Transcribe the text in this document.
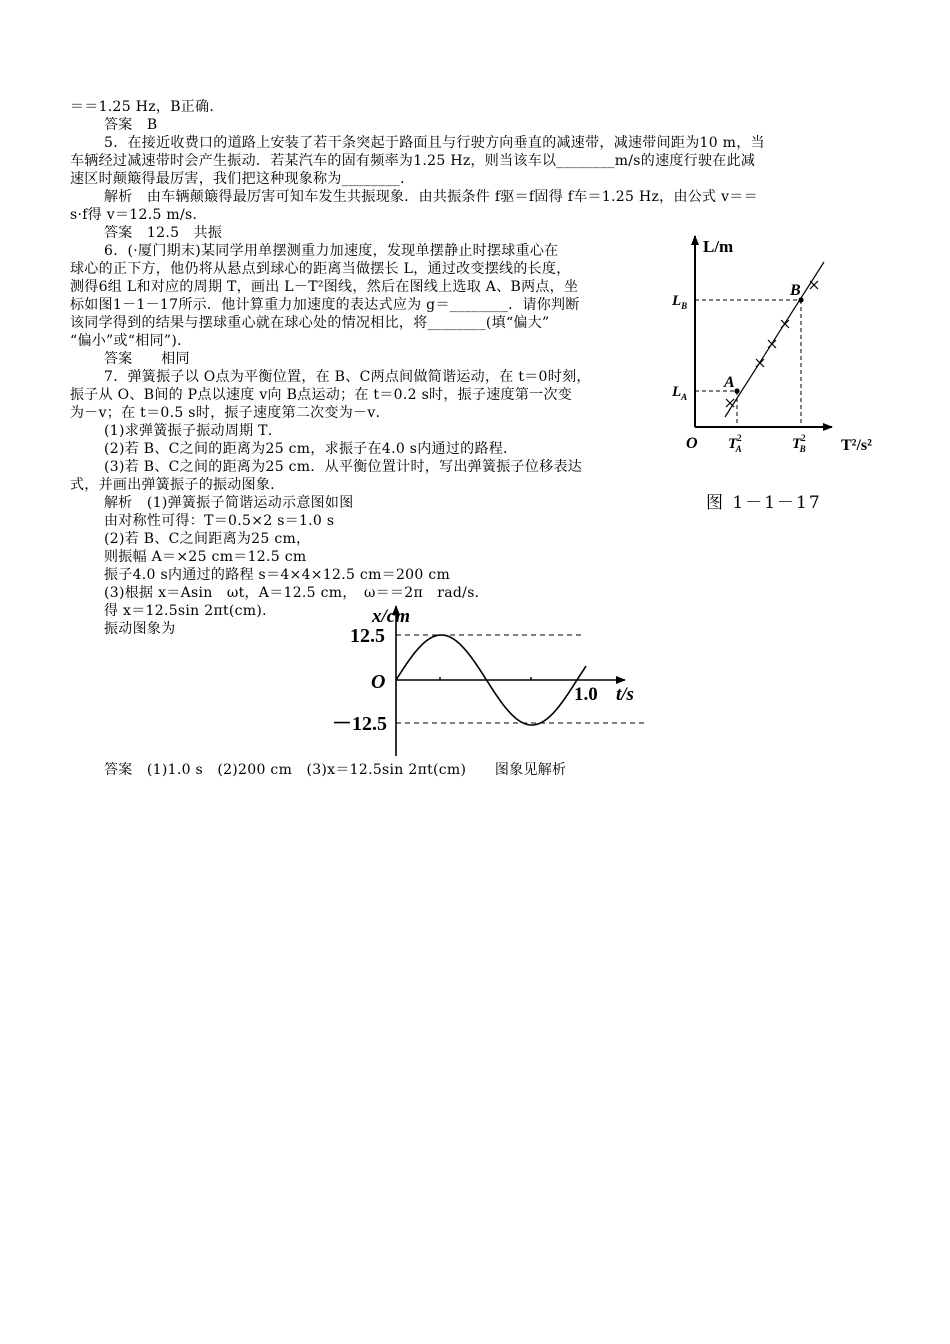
＝＝1.25 Hz，B正确．
答案　B
5．在接近收费口的道路上安装了若干条突起于路面且与行驶方向垂直的减速带，减速带间距为10 m，当
车辆经过减速带时会产生振动．若某汽车的固有频率为1.25 Hz，则当该车以________m/s的速度行驶在此减
速区时颠簸得最厉害，我们把这种现象称为________．
解析　由车辆颠簸得最厉害可知车发生共振现象．由共振条件 f驱＝f固得 f车＝1.25 Hz，由公式 v＝＝
s·f得 v＝12.5 m/s．
答案　12.5　共振
6．(·厦门期末)某同学用单摆测重力加速度，发现单摆静止时摆球重心在
球心的正下方，他仍将从悬点到球心的距离当做摆长 L，通过改变摆线的长度，
测得6组 L和对应的周期 T，画出 L－T²图线，然后在图线上选取 A、B两点，坐
标如图1－1－17所示．他计算重力加速度的表达式应为 g＝________．请你判断
该同学得到的结果与摆球重心就在球心处的情况相比，将________(填“偏大”
“偏小”或“相同”)．
答案　　相同
7．弹簧振子以 O点为平衡位置，在 B、C两点间做简谐运动，在 t＝0时刻，
振子从 O、B间的 P点以速度 v向 B点运动；在 t＝0.2 s时，振子速度第一次变
为－v；在 t＝0.5 s时，振子速度第二次变为－v．
(1)求弹簧振子振动周期 T．
(2)若 B、C之间的距离为25 cm，求振子在4.0 s内通过的路程．
(3)若 B、C之间的距离为25 cm．从平衡位置计时，写出弹簧振子位移表达
式，并画出弹簧振子的振动图象．
解析　(1)弹簧振子简谐运动示意图如图
由对称性可得：T＝0.5×2 s＝1.0 s
(2)若 B、C之间距离为25 cm，
则振幅 A＝×25 cm＝12.5 cm
振子4.0 s内通过的路程 s＝4×4×12.5 cm＝200 cm
(3)根据 x＝Asin　ωt，A＝12.5 cm，　ω＝＝2π　rad/s．
得 x＝12.5sin 2πt(cm)．
振动图象为
答案　(1)1.0 s　(2)200 cm　(3)x＝12.5sin 2πt(cm)　　图象见解析
L/m
O	T²/s²
A
B
$L_A$
$L_B$
$T^2$ A	$T^2$ B
图 1－1－17
x/cm
12.5
O
－12.5
1.0 t/s
